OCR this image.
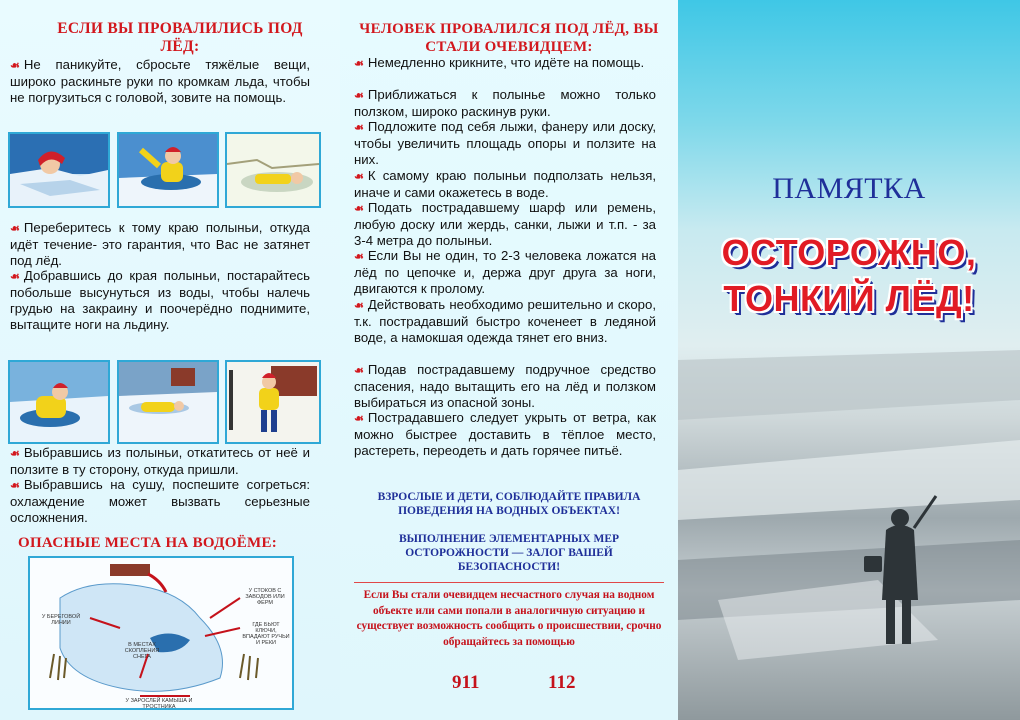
ЕСЛИ ВЫ ПРОВАЛИЛИСЬ ПОД ЛЁД:
☙ Не паникуйте, сбросьте тяжёлые вещи, широко раскиньте руки по кромкам льда, чтобы не погрузиться с головой, зовите на помощь.
☙ Переберитесь к тому краю полыньи, откуда идёт течение- это гарантия, что Вас не затянет под лёд.
☙ Добравшись до края полыньи, постарайтесь побольше высунуться из воды, чтобы налечь грудью на закраину и поочерёдно поднимите, вытащите ноги на льдину.
☙ Выбравшись из полыньи, откатитесь от неё и ползите в ту сторону, откуда пришли.
☙ Выбравшись на сушу, поспешите согреться: охлаждение может вызвать серьезные осложнения.
ОПАСНЫЕ МЕСТА НА ВОДОЁМЕ:
У СТОКОВ С ЗАВОДОВ ИЛИ ФЕРМ
У БЕРЕГОВОЙ ЛИНИИ	ГДЕ БЬЮТ КЛЮЧИ, ВПАДАЮТ РУЧЬИ И РЕКИ
В МЕСТАХ СКОПЛЕНИЯ СНЕГА
У ЗАРОСЛЕЙ КАМЫША И ТРОСТНИКА
ЧЕЛОВЕК ПРОВАЛИЛСЯ ПОД ЛЁД, ВЫ СТАЛИ ОЧЕВИДЦЕМ:
☙ Немедленно крикните, что идёте на помощь.
☙ Приближаться к полынье можно только ползком, широко раскинув руки.
☙ Подложите под себя лыжи, фанеру или доску, чтобы увеличить площадь опоры и ползите на них.
☙ К самому краю полыньи подползать нельзя, иначе и сами окажетесь в воде.
☙ Подать пострадавшему шарф или ремень, любую доску или жердь, санки, лыжи и т.п. - за 3-4 метра до полыньи.
☙ Если Вы не один, то 2-3 человека ложатся на лёд по цепочке и, держа друг друга за ноги, двигаются к пролому.
☙ Действовать необходимо решительно и скоро, т.к. пострадавший быстро коченеет в ледяной воде, а намокшая одежда тянет его вниз.
☙ Подав пострадавшему подручное средство спасения, надо вытащить его на лёд и ползком выбираться из опасной зоны.
☙ Пострадавшего следует укрыть от ветра, как можно быстрее доставить в тёплое место, растереть, переодеть и дать горячее питьё.
ВЗРОСЛЫЕ И ДЕТИ, СОБЛЮДАЙТЕ ПРАВИЛА ПОВЕДЕНИЯ НА ВОДНЫХ ОБЪЕКТАХ!
ВЫПОЛНЕНИЕ ЭЛЕМЕНТАРНЫХ МЕР ОСТОРОЖНОСТИ — ЗАЛОГ ВАШЕЙ БЕЗОПАСНОСТИ!
Если Вы стали очевидцем несчастного случая на водном объекте или сами попали в аналогичную ситуацию и существует возможность сообщить о происшествии, срочно обращайтесь за помощью
911	112
ПАМЯТКА
ОСТОРОЖНО,
ТОНКИЙ ЛЁД!
